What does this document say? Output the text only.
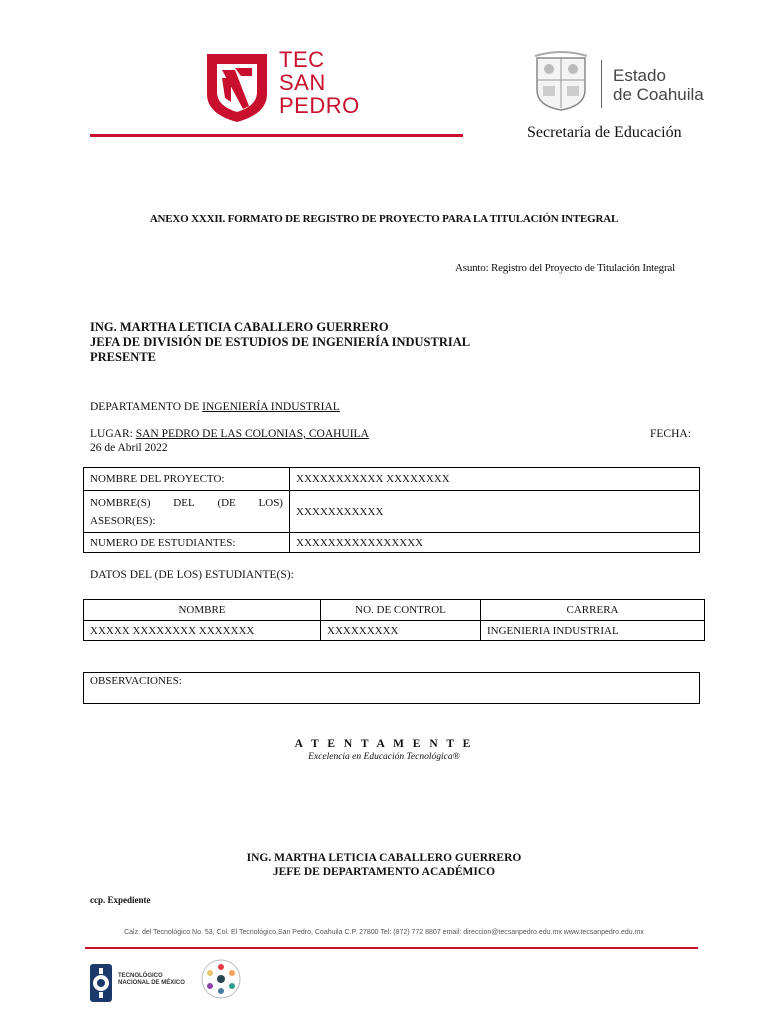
TEC
SAN
PEDRO
Estado
de Coahuila
Secretaría de Educación
ANEXO XXXII. FORMATO DE REGISTRO DE PROYECTO PARA LA TITULACIÓN INTEGRAL
Asunto: Registro del Proyecto de Titulación Integral
ING. MARTHA LETICIA CABALLERO GUERRERO
JEFA DE DIVISIÓN DE ESTUDIOS DE INGENIERÍA INDUSTRIAL
PRESENTE
DEPARTAMENTO DE INGENIERÍA INDUSTRIAL
LUGAR: SAN PEDRO DE LAS COLONIAS, COAHUILA	FECHA:
26 de Abril 2022
NOMBRE DEL PROYECTO:	XXXXXXXXXXX XXXXXXXX

NOMBRE(S) DEL (DE LOS)
ASESOR(ES):	XXXXXXXXXXX
NUMERO DE ESTUDIANTES:	XXXXXXXXXXXXXXXX
DATOS DEL (DE LOS) ESTUDIANTE(S):
NOMBRE	NO. DE CONTROL	CARRERA
XXXXX XXXXXXXX XXXXXXX	XXXXXXXXX	INGENIERIA INDUSTRIAL
OBSERVACIONES:
A T E N T A M E N T E
Excelencia en Educación Tecnológica®
ING. MARTHA LETICIA CABALLERO GUERRERO
JEFE DE DEPARTAMENTO ACADÉMICO
ccp. Expediente
Calz. del Tecnológico No. 53, Col. El Tecnológico,San Pedro, Coahuila C.P. 27800 Tel: (872) 772 8807 email: direccion@tecsanpedro.edu.mx www.tecsanpedro.edu.mx
TECNOLÓGICO
NACIONAL DE MÉXICO
